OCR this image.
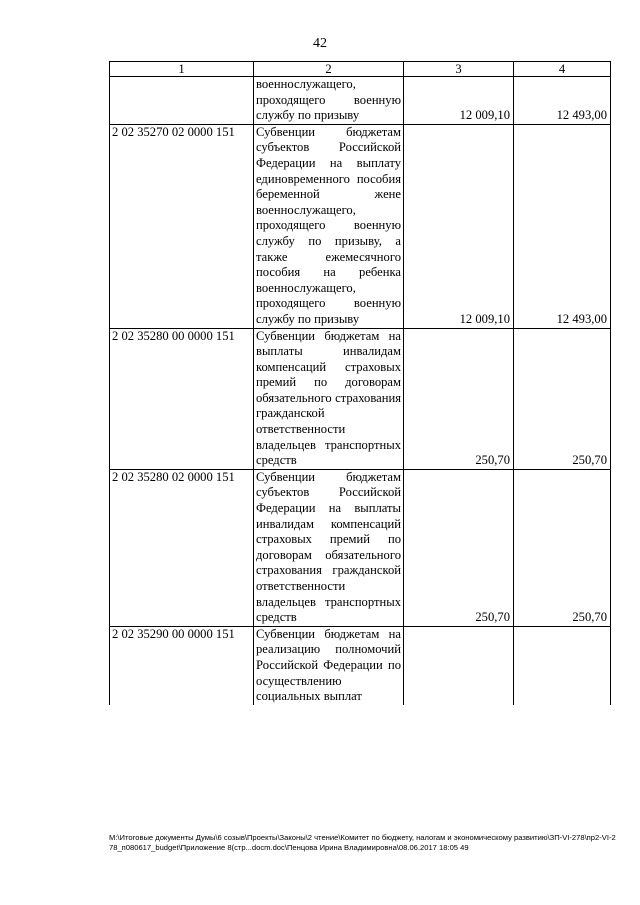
42
1	2	3	4
	военнослужащего, проходящего военную службу по призыву	12 009,10	12 493,00
2 02 35270 02 0000 151	Субвенции бюджетам субъектов Российской Федерации на выплату единовременного пособия беременной жене военнослужащего, проходящего военную службу по призыву, а также ежемесячного пособия на ребенка военнослужащего, проходящего военную службу по призыву	12 009,10	12 493,00
2 02 35280 00 0000 151	Субвенции бюджетам на выплаты инвалидам компенсаций страховых премий по договорам обязательного страхования гражданской ответственности владельцев транспортных средств	250,70	250,70
2 02 35280 02 0000 151	Субвенции бюджетам субъектов Российской Федерации на выплаты инвалидам компенсаций страховых премий по договорам обязательного страхования гражданской ответственности владельцев транспортных средств	250,70	250,70
2 02 35290 00 0000 151	Субвенции бюджетам на реализацию полномочий Российской Федерации по осуществлению социальных выплат		
M:\Итоговые документы Думы\6 созыв\Проекты\Законы\2 чтение\Комитет по бюджету, налогам и экономическому развитию\ЗП-VI-278\пр2-VI-278_п080617_budget\Приложение 8(стр...docm.doc\Пенцова Ирина Владимировна\08.06.2017 18:05 49
